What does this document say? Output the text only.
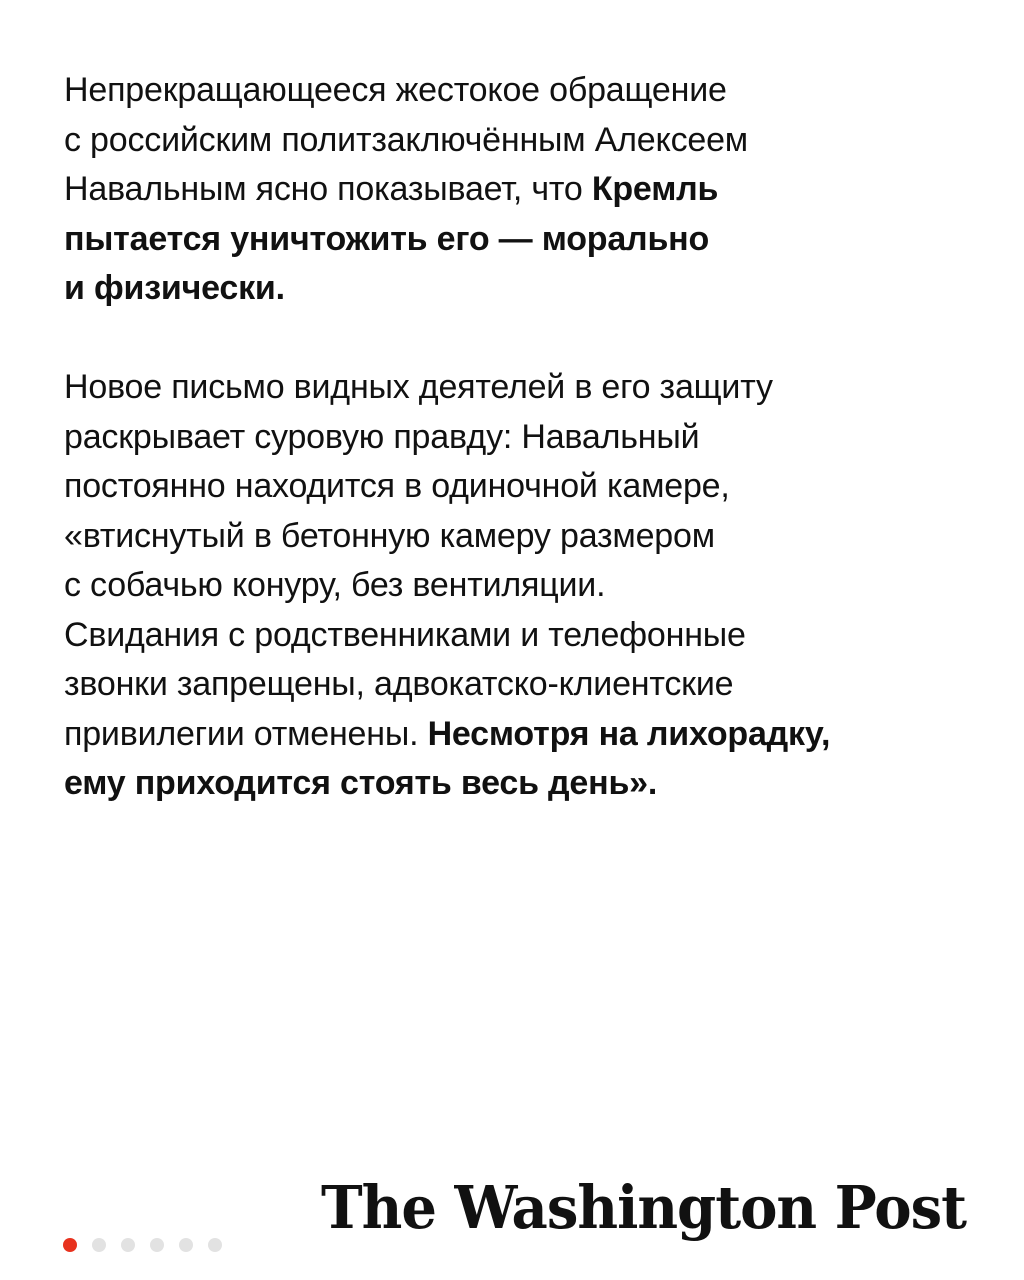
Непрекращающееся жестокое обращение
с российским политзаключённым Алексеем
Навальным ясно показывает, что Кремль
пытается уничтожить его — морально
и физически.

Новое письмо видных деятелей в его защиту
раскрывает суровую правду: Навальный
постоянно находится в одиночной камере,
«втиснутый в бетонную камеру размером
с собачью конуру, без вентиляции.
Свидания с родственниками и телефонные
звонки запрещены, адвокатско-клиентские
привилегии отменены. Несмотря на лихорадку,
ему приходится стоять весь день».

The Washington Post
